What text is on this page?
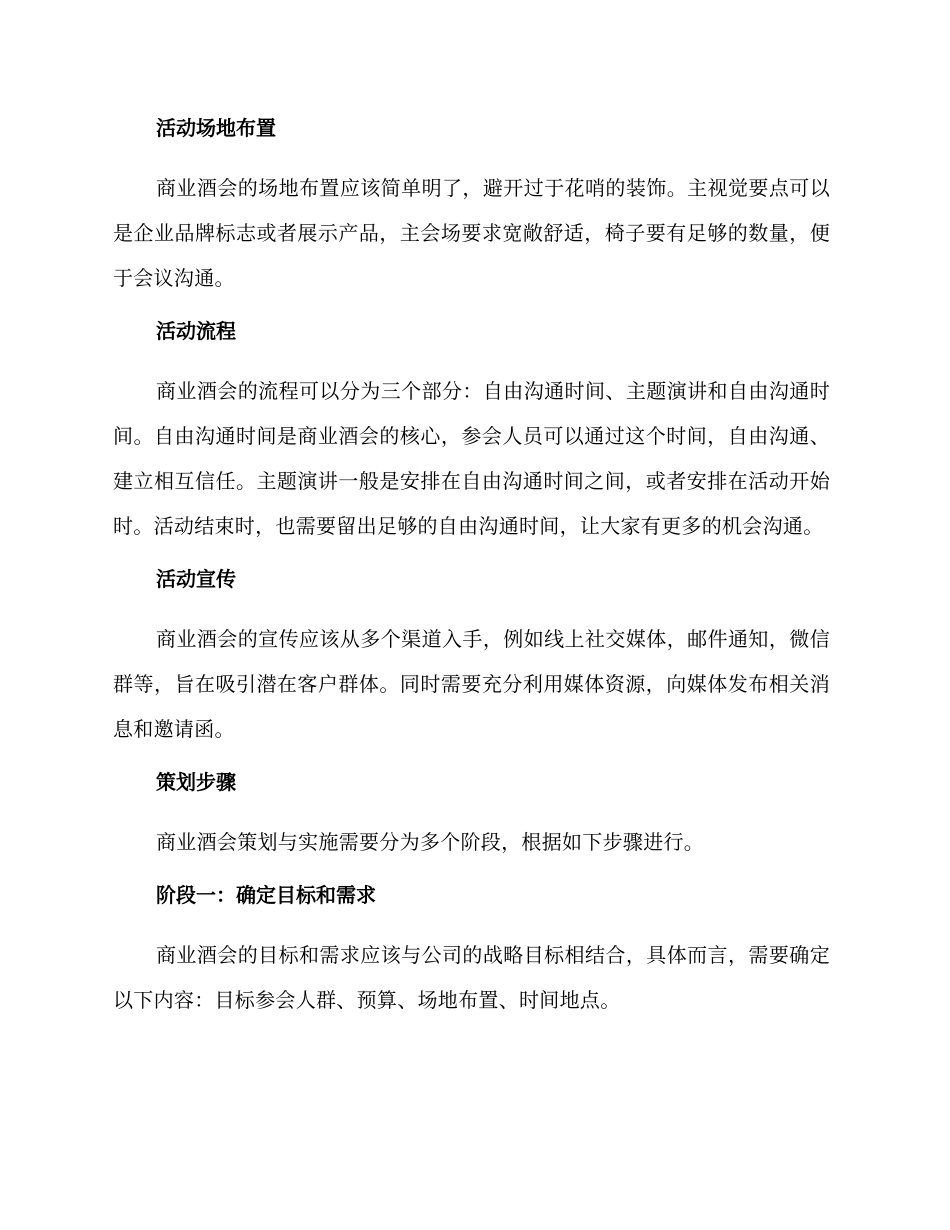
活动场地布置

商业酒会的场地布置应该简单明了，避开过于花哨的装饰。主视觉要点可以是企业品牌标志或者展示产品，主会场要求宽敞舒适，椅子要有足够的数量，便于会议沟通。

活动流程

商业酒会的流程可以分为三个部分：自由沟通时间、主题演讲和自由沟通时间。自由沟通时间是商业酒会的核心，参会人员可以通过这个时间，自由沟通、建立相互信任。主题演讲一般是安排在自由沟通时间之间，或者安排在活动开始时。活动结束时，也需要留出足够的自由沟通时间，让大家有更多的机会沟通。

活动宣传

商业酒会的宣传应该从多个渠道入手，例如线上社交媒体，邮件通知，微信群等，旨在吸引潜在客户群体。同时需要充分利用媒体资源，向媒体发布相关消息和邀请函。

策划步骤

商业酒会策划与实施需要分为多个阶段，根据如下步骤进行。

阶段一：确定目标和需求

商业酒会的目标和需求应该与公司的战略目标相结合，具体而言，需要确定以下内容：目标参会人群、预算、场地布置、时间地点。
